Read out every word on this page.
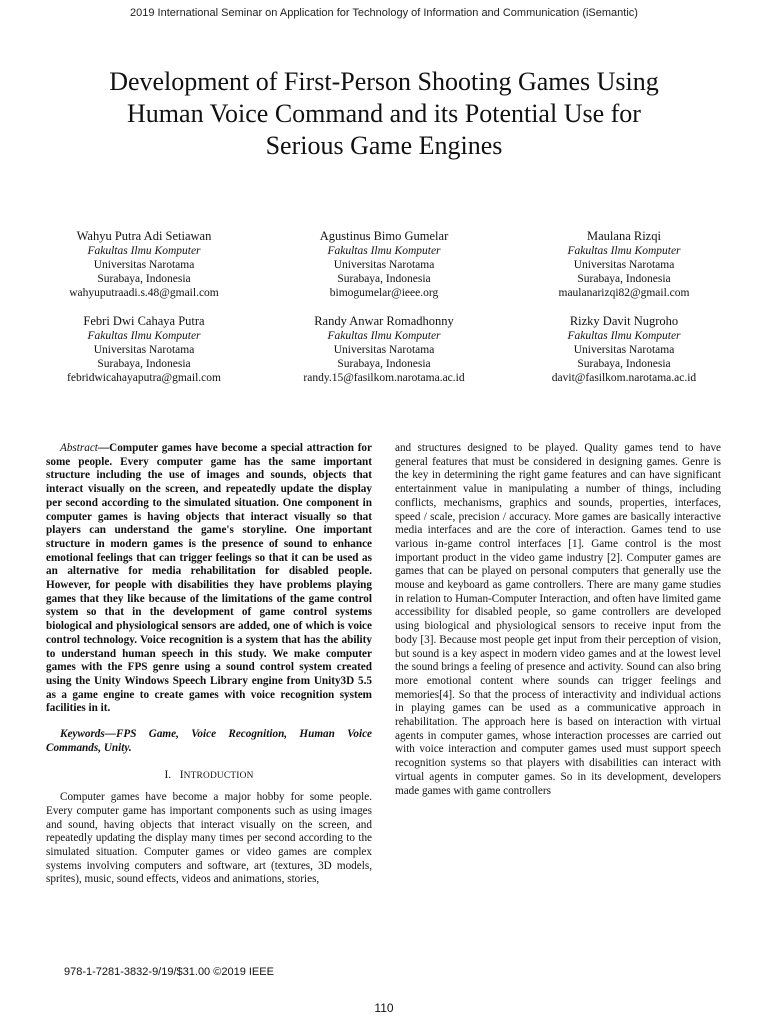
2019 International Seminar on Application for Technology of Information and Communication (iSemantic)
Development of First-Person Shooting Games Using
Human Voice Command and its Potential Use for
Serious Game Engines
Wahyu Putra Adi Setiawan
Fakultas Ilmu Komputer
Universitas Narotama
Surabaya, Indonesia
wahyuputraadi.s.48@gmail.com
Agustinus Bimo Gumelar
Fakultas Ilmu Komputer
Universitas Narotama
Surabaya, Indonesia
bimogumelar@ieee.org
Maulana Rizqi
Fakultas Ilmu Komputer
Universitas Narotama
Surabaya, Indonesia
maulanarizqi82@gmail.com
Febri Dwi Cahaya Putra
Fakultas Ilmu Komputer
Universitas Narotama
Surabaya, Indonesia
febridwicahayaputra@gmail.com
Randy Anwar Romadhonny
Fakultas Ilmu Komputer
Universitas Narotama
Surabaya, Indonesia
randy.15@fasilkom.narotama.ac.id
Rizky Davit Nugroho
Fakultas Ilmu Komputer
Universitas Narotama
Surabaya, Indonesia
davit@fasilkom.narotama.ac.id

Abstract—Computer games have become a special attraction for some people. Every computer game has the same important structure including the use of images and sounds, objects that interact visually on the screen, and repeatedly update the display per second according to the simulated situation. One component in computer games is having objects that interact visually so that players can understand the game's storyline. One important structure in modern games is the presence of sound to enhance emotional feelings that can trigger feelings so that it can be used as an alternative for media rehabilitation for disabled people. However, for people with disabilities they have problems playing games that they like because of the limitations of the game control system so that in the development of game control systems biological and physiological sensors are added, one of which is voice control technology. Voice recognition is a system that has the ability to understand human speech in this study. We make computer games with the FPS genre using a sound control system created using the Unity Windows Speech Library engine from Unity3D 5.5 as a game engine to create games with voice recognition system facilities in it.

Keywords—FPS Game, Voice Recognition, Human Voice Commands, Unity.

I. INTRODUCTION

Computer games have become a major hobby for some people. Every computer game has important components such as using images and sound, having objects that interact visually on the screen, and repeatedly updating the display many times per second according to the simulated situation. Computer games or video games are complex systems involving computers and software, art (textures, 3D models, sprites), music, sound effects, videos and animations, stories,

and structures designed to be played. Quality games tend to have general features that must be considered in designing games. Genre is the key in determining the right game features and can have significant entertainment value in manipulating a number of things, including conflicts, mechanisms, graphics and sounds, properties, interfaces, speed / scale, precision / accuracy. More games are basically interactive media interfaces and are the core of interaction. Games tend to use various in-game control interfaces [1]. Game control is the most important product in the video game industry [2]. Computer games are games that can be played on personal computers that generally use the mouse and keyboard as game controllers. There are many game studies in relation to Human-Computer Interaction, and often have limited game accessibility for disabled people, so game controllers are developed using biological and physiological sensors to receive input from the body [3]. Because most people get input from their perception of vision, but sound is a key aspect in modern video games and at the lowest level the sound brings a feeling of presence and activity. Sound can also bring more emotional content where sounds can trigger feelings and memories[4]. So that the process of interactivity and individual actions in playing games can be used as a communicative approach in rehabilitation. The approach here is based on interaction with virtual agents in computer games, whose interaction processes are carried out with voice interaction and computer games used must support speech recognition systems so that players with disabilities can interact with virtual agents in computer games. So in its development, developers made games with game controllers

978-1-7281-3832-9/19/$31.00 ©2019 IEEE
110
